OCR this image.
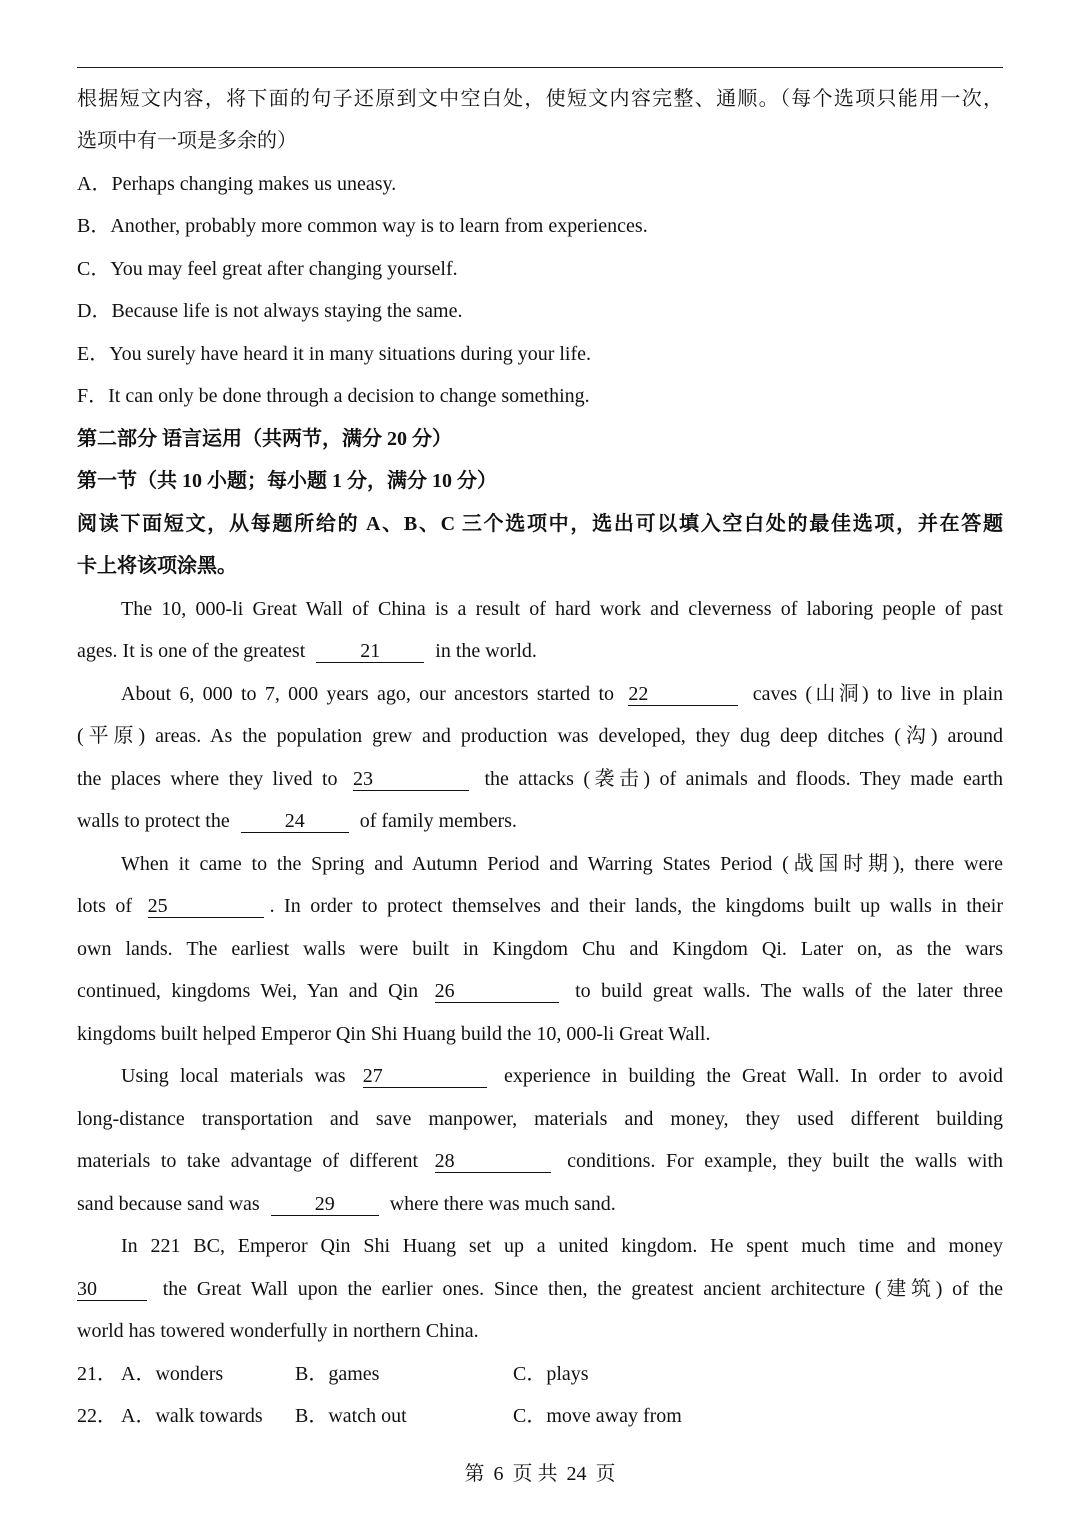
根据短文内容，将下面的句子还原到文中空白处，使短文内容完整、通顺。（每个选项只能用一次，
选项中有一项是多余的）
A．Perhaps changing makes us uneasy.
B．Another, probably more common way is to learn from experiences.
C．You may feel great after changing yourself.
D．Because life is not always staying the same.
E．You surely have heard it in many situations during your life.
F．It can only be done through a decision to change something.
第二部分 语言运用（共两节，满分 20 分）
第一节（共 10 小题；每小题 1 分，满分 10 分）
阅读下面短文，从每题所给的 A、B、C 三个选项中，选出可以填入空白处的最佳选项，并在答题
卡上将该项涂黑。
The 10, 000-li Great Wall of China is a result of hard work and cleverness of laboring people of past
ages. It is one of the greatest	21	in the world.
About 6, 000 to 7, 000 years ago, our ancestors started to 22	caves (山洞) to live in plain
(平原) areas. As the population grew and production was developed, they dug deep ditches (沟) around
the places where they lived to 23	the attacks (袭击) of animals and floods. They made earth
walls to protect the	24	of family members.
When it came to the Spring and Autumn Period and Warring States Period (战国时期), there were
lots of 25	. In order to protect themselves and their lands, the kingdoms built up walls in their
own lands. The earliest walls were built in Kingdom Chu and Kingdom Qi. Later on, as the wars
continued, kingdoms Wei, Yan and Qin 26	to build great walls. The walls of the later three
kingdoms built helped Emperor Qin Shi Huang build the 10, 000-li Great Wall.
Using local materials was 27	experience in building the Great Wall. In order to avoid
long-distance transportation and save manpower, materials and money, they used different building
materials to take advantage of different 28	conditions. For example, they built the walls with
sand because sand was	29	where there was much sand.
In 221 BC, Emperor Qin Shi Huang set up a united kingdom. He spent much time and money
30	the Great Wall upon the earlier ones. Since then, the greatest ancient architecture (建筑) of the
world has towered wonderfully in northern China.
21． A．wonders	B．games	C．plays
22． A．walk towards B．watch out	C．move away from
第 6 页 共 24 页
